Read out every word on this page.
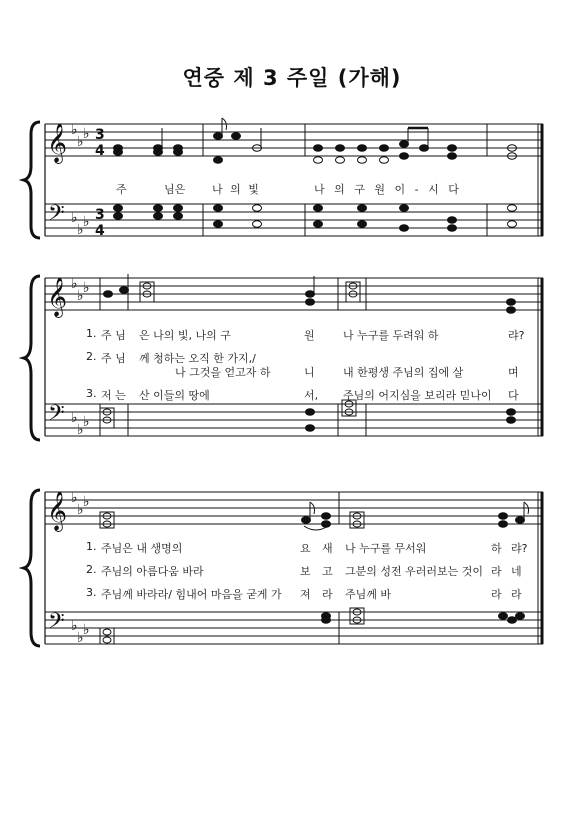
연중 제 3 주일 (가해)
𝄞
𝄢
♭
♭ ♭
♭
♭ ♭
3
4
3
4
주	님은 나 의 빛	나 의 구 원 이 - 시 다
𝄞
𝄢
♭
♭ ♭
♭
♭ ♭
1. 주 님 은 나의 빛, 나의 구	원	나 누구를 두려워 하	랴?
2. 주 님 께 청하는 오직 한 가지,/
나 그것을 얻고자 하	니	내 한평생 주님의 집에 살	며
3. 저 는 산 이들의 땅에	서, 주님의 어지심을 보리라 믿나이 다
𝄞
𝄢
♭
♭ ♭
♭
♭ ♭
1. 주님은 내 생명의	요 새 나 누구를 무서워	하 랴?
2. 주님의 아름다움 바라	보 고 그분의 성전 우러러보는 것이 라 네
3. 주님께 바라라/ 힘내어 마음을 굳게 가 져 라 주님께 바	라 라
